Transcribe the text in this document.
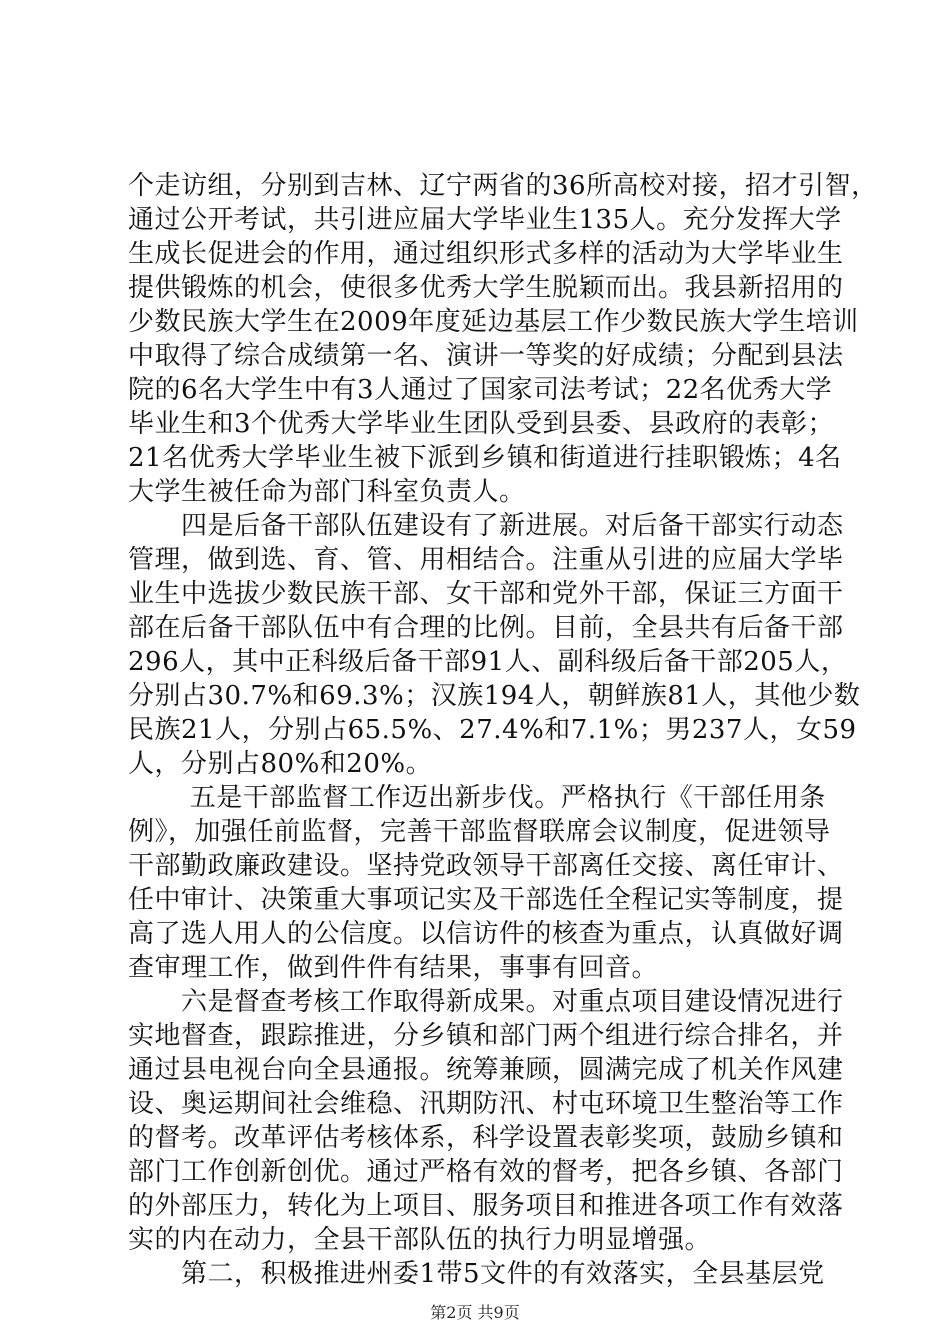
个走访组，分别到吉林、辽宁两省的36所高校对接，招才引智，
通过公开考试，共引进应届大学毕业生135人。充分发挥大学
生成长促进会的作用，通过组织形式多样的活动为大学毕业生
提供锻炼的机会，使很多优秀大学生脱颖而出。我县新招用的
少数民族大学生在2009年度延边基层工作少数民族大学生培训
中取得了综合成绩第一名、演讲一等奖的好成绩；分配到县法
院的6名大学生中有3人通过了国家司法考试；22名优秀大学
毕业生和3个优秀大学毕业生团队受到县委、县政府的表彰；
21名优秀大学毕业生被下派到乡镇和街道进行挂职锻炼；4名
大学生被任命为部门科室负责人。
　　四是后备干部队伍建设有了新进展。对后备干部实行动态
管理，做到选、育、管、用相结合。注重从引进的应届大学毕
业生中选拔少数民族干部、女干部和党外干部，保证三方面干
部在后备干部队伍中有合理的比例。目前，全县共有后备干部
296人，其中正科级后备干部91人、副科级后备干部205人，
分别占30.7%和69.3%；汉族194人，朝鲜族81人，其他少数
民族21人，分别占65.5%、27.4%和7.1%；男237人，女59
人，分别占80%和20%。
　　 五是干部监督工作迈出新步伐。严格执行《干部任用条
例》，加强任前监督，完善干部监督联席会议制度，促进领导
干部勤政廉政建设。坚持党政领导干部离任交接、离任审计、
任中审计、决策重大事项记实及干部选任全程记实等制度，提
高了选人用人的公信度。以信访件的核查为重点，认真做好调
查审理工作，做到件件有结果，事事有回音。
　　六是督查考核工作取得新成果。对重点项目建设情况进行
实地督查，跟踪推进，分乡镇和部门两个组进行综合排名，并
通过县电视台向全县通报。统筹兼顾，圆满完成了机关作风建
设、奥运期间社会维稳、汛期防汛、村屯环境卫生整治等工作
的督考。改革评估考核体系，科学设置表彰奖项，鼓励乡镇和
部门工作创新创优。通过严格有效的督考，把各乡镇、各部门
的外部压力，转化为上项目、服务项目和推进各项工作有效落
实的内在动力，全县干部队伍的执行力明显增强。
　　第二，积极推进州委1带5文件的有效落实，全县基层党
第2页 共9页
